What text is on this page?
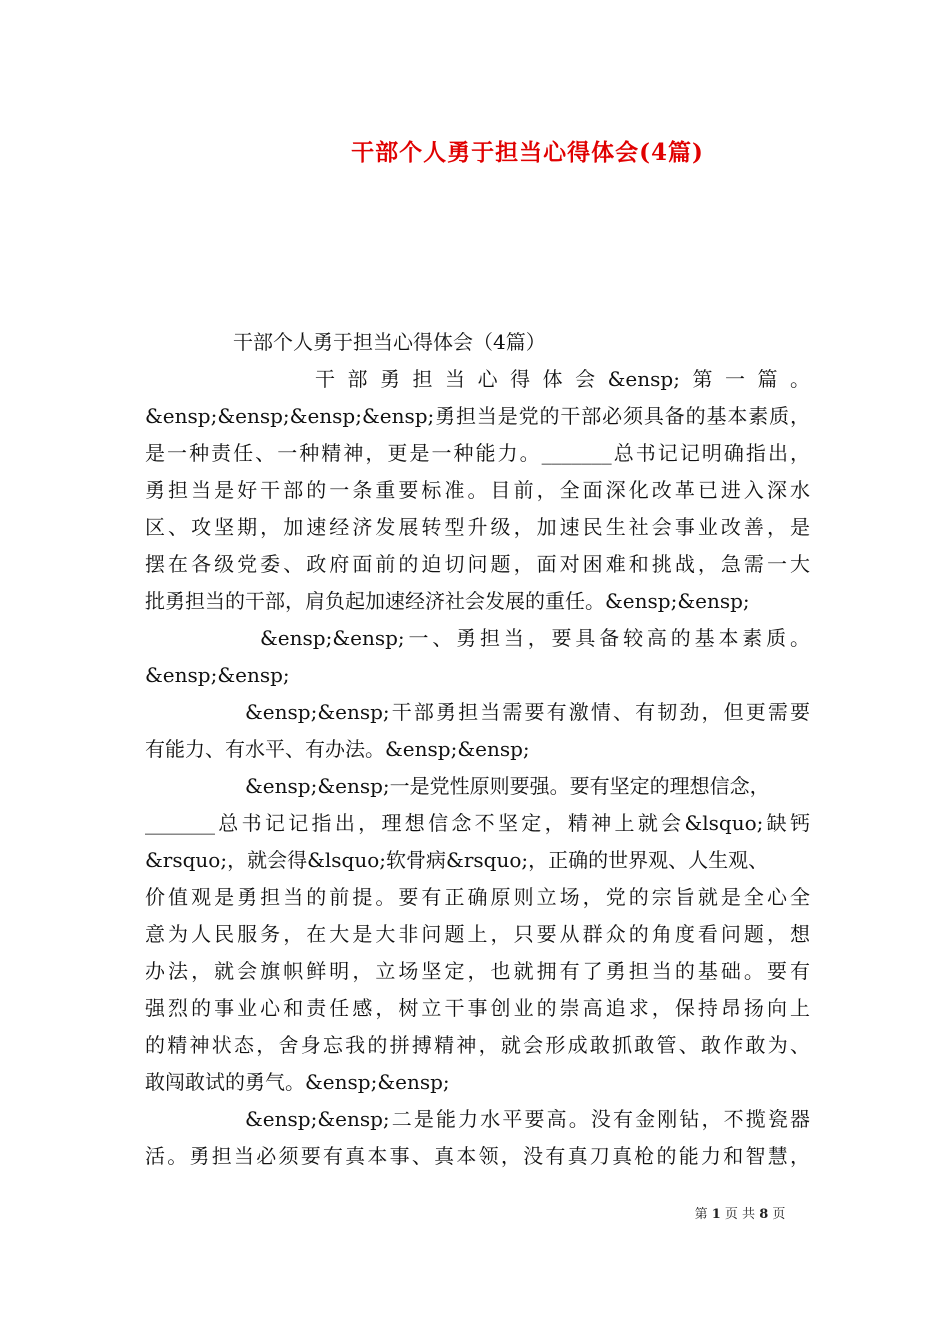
干部个人勇于担当心得体会(4篇)
干部个人勇于担当心得体会（4篇）
干部勇担当心得体会&ensp;第一篇。
&ensp;&ensp;&ensp;&ensp;勇担当是党的干部必须具备的基本素质，
是一种责任、一种精神，更是一种能力。_______总书记记明确指出，
勇担当是好干部的一条重要标准。目前，全面深化改革已进入深水
区、攻坚期，加速经济发展转型升级，加速民生社会事业改善，是
摆在各级党委、政府面前的迫切问题，面对困难和挑战，急需一大
批勇担当的干部，肩负起加速经济社会发展的重任。&ensp;&ensp;
&ensp;&ensp;一、勇担当，要具备较高的基本素质。
&ensp;&ensp;
&ensp;&ensp;干部勇担当需要有激情、有韧劲，但更需要
有能力、有水平、有办法。&ensp;&ensp;
&ensp;&ensp;一是党性原则要强。要有坚定的理想信念，
_______总书记记指出，理想信念不坚定，精神上就会&lsquo;缺钙
&rsquo;，就会得&lsquo;软骨病&rsquo;，正确的世界观、人生观、
价值观是勇担当的前提。要有正确原则立场，党的宗旨就是全心全
意为人民服务，在大是大非问题上，只要从群众的角度看问题，想
办法，就会旗帜鲜明，立场坚定，也就拥有了勇担当的基础。要有
强烈的事业心和责任感，树立干事创业的崇高追求，保持昂扬向上
的精神状态，舍身忘我的拼搏精神，就会形成敢抓敢管、敢作敢为、
敢闯敢试的勇气。&ensp;&ensp;
&ensp;&ensp;二是能力水平要高。没有金刚钻，不揽瓷器
活。勇担当必须要有真本事、真本领，没有真刀真枪的能力和智慧，
第 1 页 共 8 页
